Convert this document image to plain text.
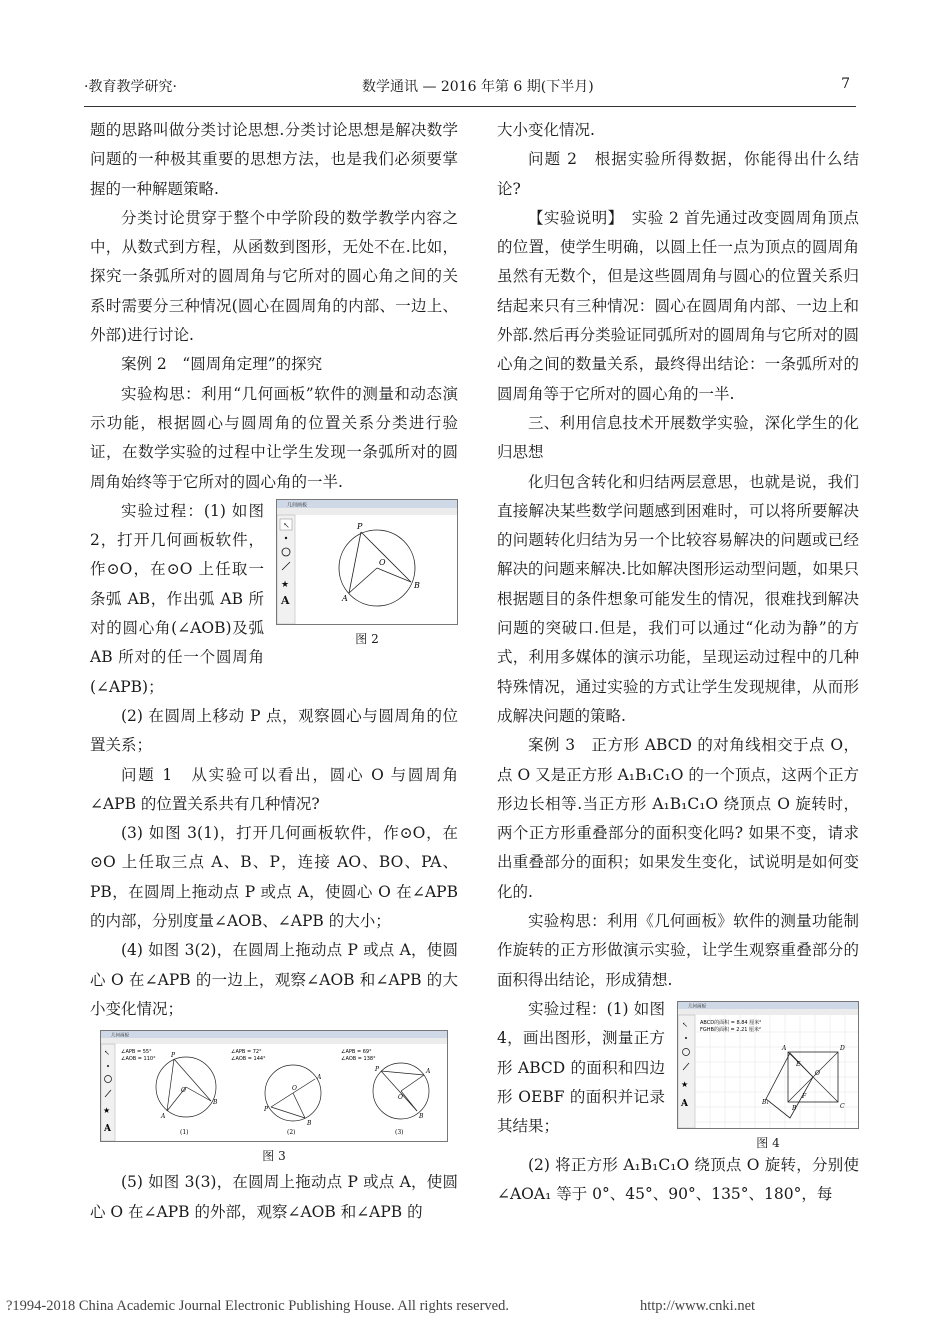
·教育教学研究·	数学通讯 — 2016 年第 6 期(下半月)	7

题的思路叫做分类讨论思想.分类讨论思想是解决数学问题的一种极其重要的思想方法，也是我们必须要掌握的一种解题策略.

分类讨论贯穿于整个中学阶段的数学教学内容之中，从数式到方程，从函数到图形，无处不在.比如，探究一条弧所对的圆周角与它所对的圆心角之间的关系时需要分三种情况(圆心在圆周角的内部、一边上、外部)进行讨论.

案例 2　“圆周角定理”的探究

实验构思：利用“几何画板”软件的测量和动态演示功能，根据圆心与圆周角的位置关系分类进行验证，在数学实验的过程中让学生发现一条弧所对的圆周角始终等于它所对的圆心角的一半.

实验过程：(1) 如图 2，打开几何画板软件，作⊙O，在⊙O 上任取一条弧 AB，作出弧 AB 所对的圆心角(∠AOB)及弧 AB 所对的任一个圆周角(∠APB)；

几何画板
↖
★
A
P
O
A
B
图 2

(2) 在圆周上移动 P 点，观察圆心与圆周角的位置关系；

问题 1　从实验可以看出，圆心 O 与圆周角∠APB 的位置关系共有几种情况?

(3) 如图 3(1)，打开几何画板软件，作⊙O，在⊙O 上任取三点 A、B、P，连接 AO、BO、PA、PB，在圆周上拖动点 P 或点 A，使圆心 O 在∠APB 的内部，分别度量∠AOB、∠APB 的大小；

(4) 如图 3(2)，在圆周上拖动点 P 或点 A，使圆心 O 在∠APB 的一边上，观察∠AOB 和∠APB 的大小变化情况；

几何画板
↖
★
A
∠APB = 55°
∠AOB = 110°	P
O
A
B
(1)
∠APB = 72°
∠AOB = 144°
P
O
A
B
(2)
∠APB = 69°
∠AOB = 138°
P
O
A
B
(3)
图 3

(5) 如图 3(3)，在圆周上拖动点 P 或点 A，使圆心 O 在∠APB 的外部，观察∠AOB 和∠APB 的

大小变化情况.

问题 2　根据实验所得数据，你能得出什么结论?

【实验说明】　实验 2 首先通过改变圆周角顶点的位置，使学生明确，以圆上任一点为顶点的圆周角虽然有无数个，但是这些圆周角与圆心的位置关系归结起来只有三种情况：圆心在圆周角内部、一边上和外部.然后再分类验证同弧所对的圆周角与它所对的圆心角之间的数量关系，最终得出结论：一条弧所对的圆周角等于它所对的圆心角的一半.

三、利用信息技术开展数学实验，深化学生的化归思想

化归包含转化和归结两层意思，也就是说，我们直接解决某些数学问题感到困难时，可以将所要解决的问题转化归结为另一个比较容易解决的问题或已经解决的问题来解决.比如解决图形运动型问题，如果只根据题目的条件想象可能发生的情况，很难找到解决问题的突破口.但是，我们可以通过“化动为静”的方式，利用多媒体的演示功能，呈现运动过程中的几种特殊情况，通过实验的方式让学生发现规律，从而形成解决问题的策略.

案例 3　正方形 ABCD 的对角线相交于点 O，点 O 又是正方形 A₁B₁C₁O 的一个顶点，这两个正方形边长相等.当正方形 A₁B₁C₁O 绕顶点 O 旋转时，两个正方形重叠部分的面积变化吗? 如果不变，请求出重叠部分的面积；如果发生变化，试说明是如何变化的.

实验构思：利用《几何画板》软件的测量功能制作旋转的正方形做演示实验，让学生观察重叠部分的面积得出结论，形成猜想.

实验过程：(1) 如图 4，画出图形，测量正方形 ABCD 的面积和四边形 OEBF 的面积并记录其结果；

几何画板
↖
★
A
ABCD的面积 = 8.84 厘米²
FGHB的面积 = 2.21 厘米²
A	D
C
B
O
B₁
E
F
图 4

(2) 将正方形 A₁B₁C₁O 绕顶点 O 旋转，分别使∠AOA₁ 等于 0°、45°、90°、135°、180°，每

?1994-2018 China Academic Journal Electronic Publishing House. All rights reserved.	http://www.cnki.net
